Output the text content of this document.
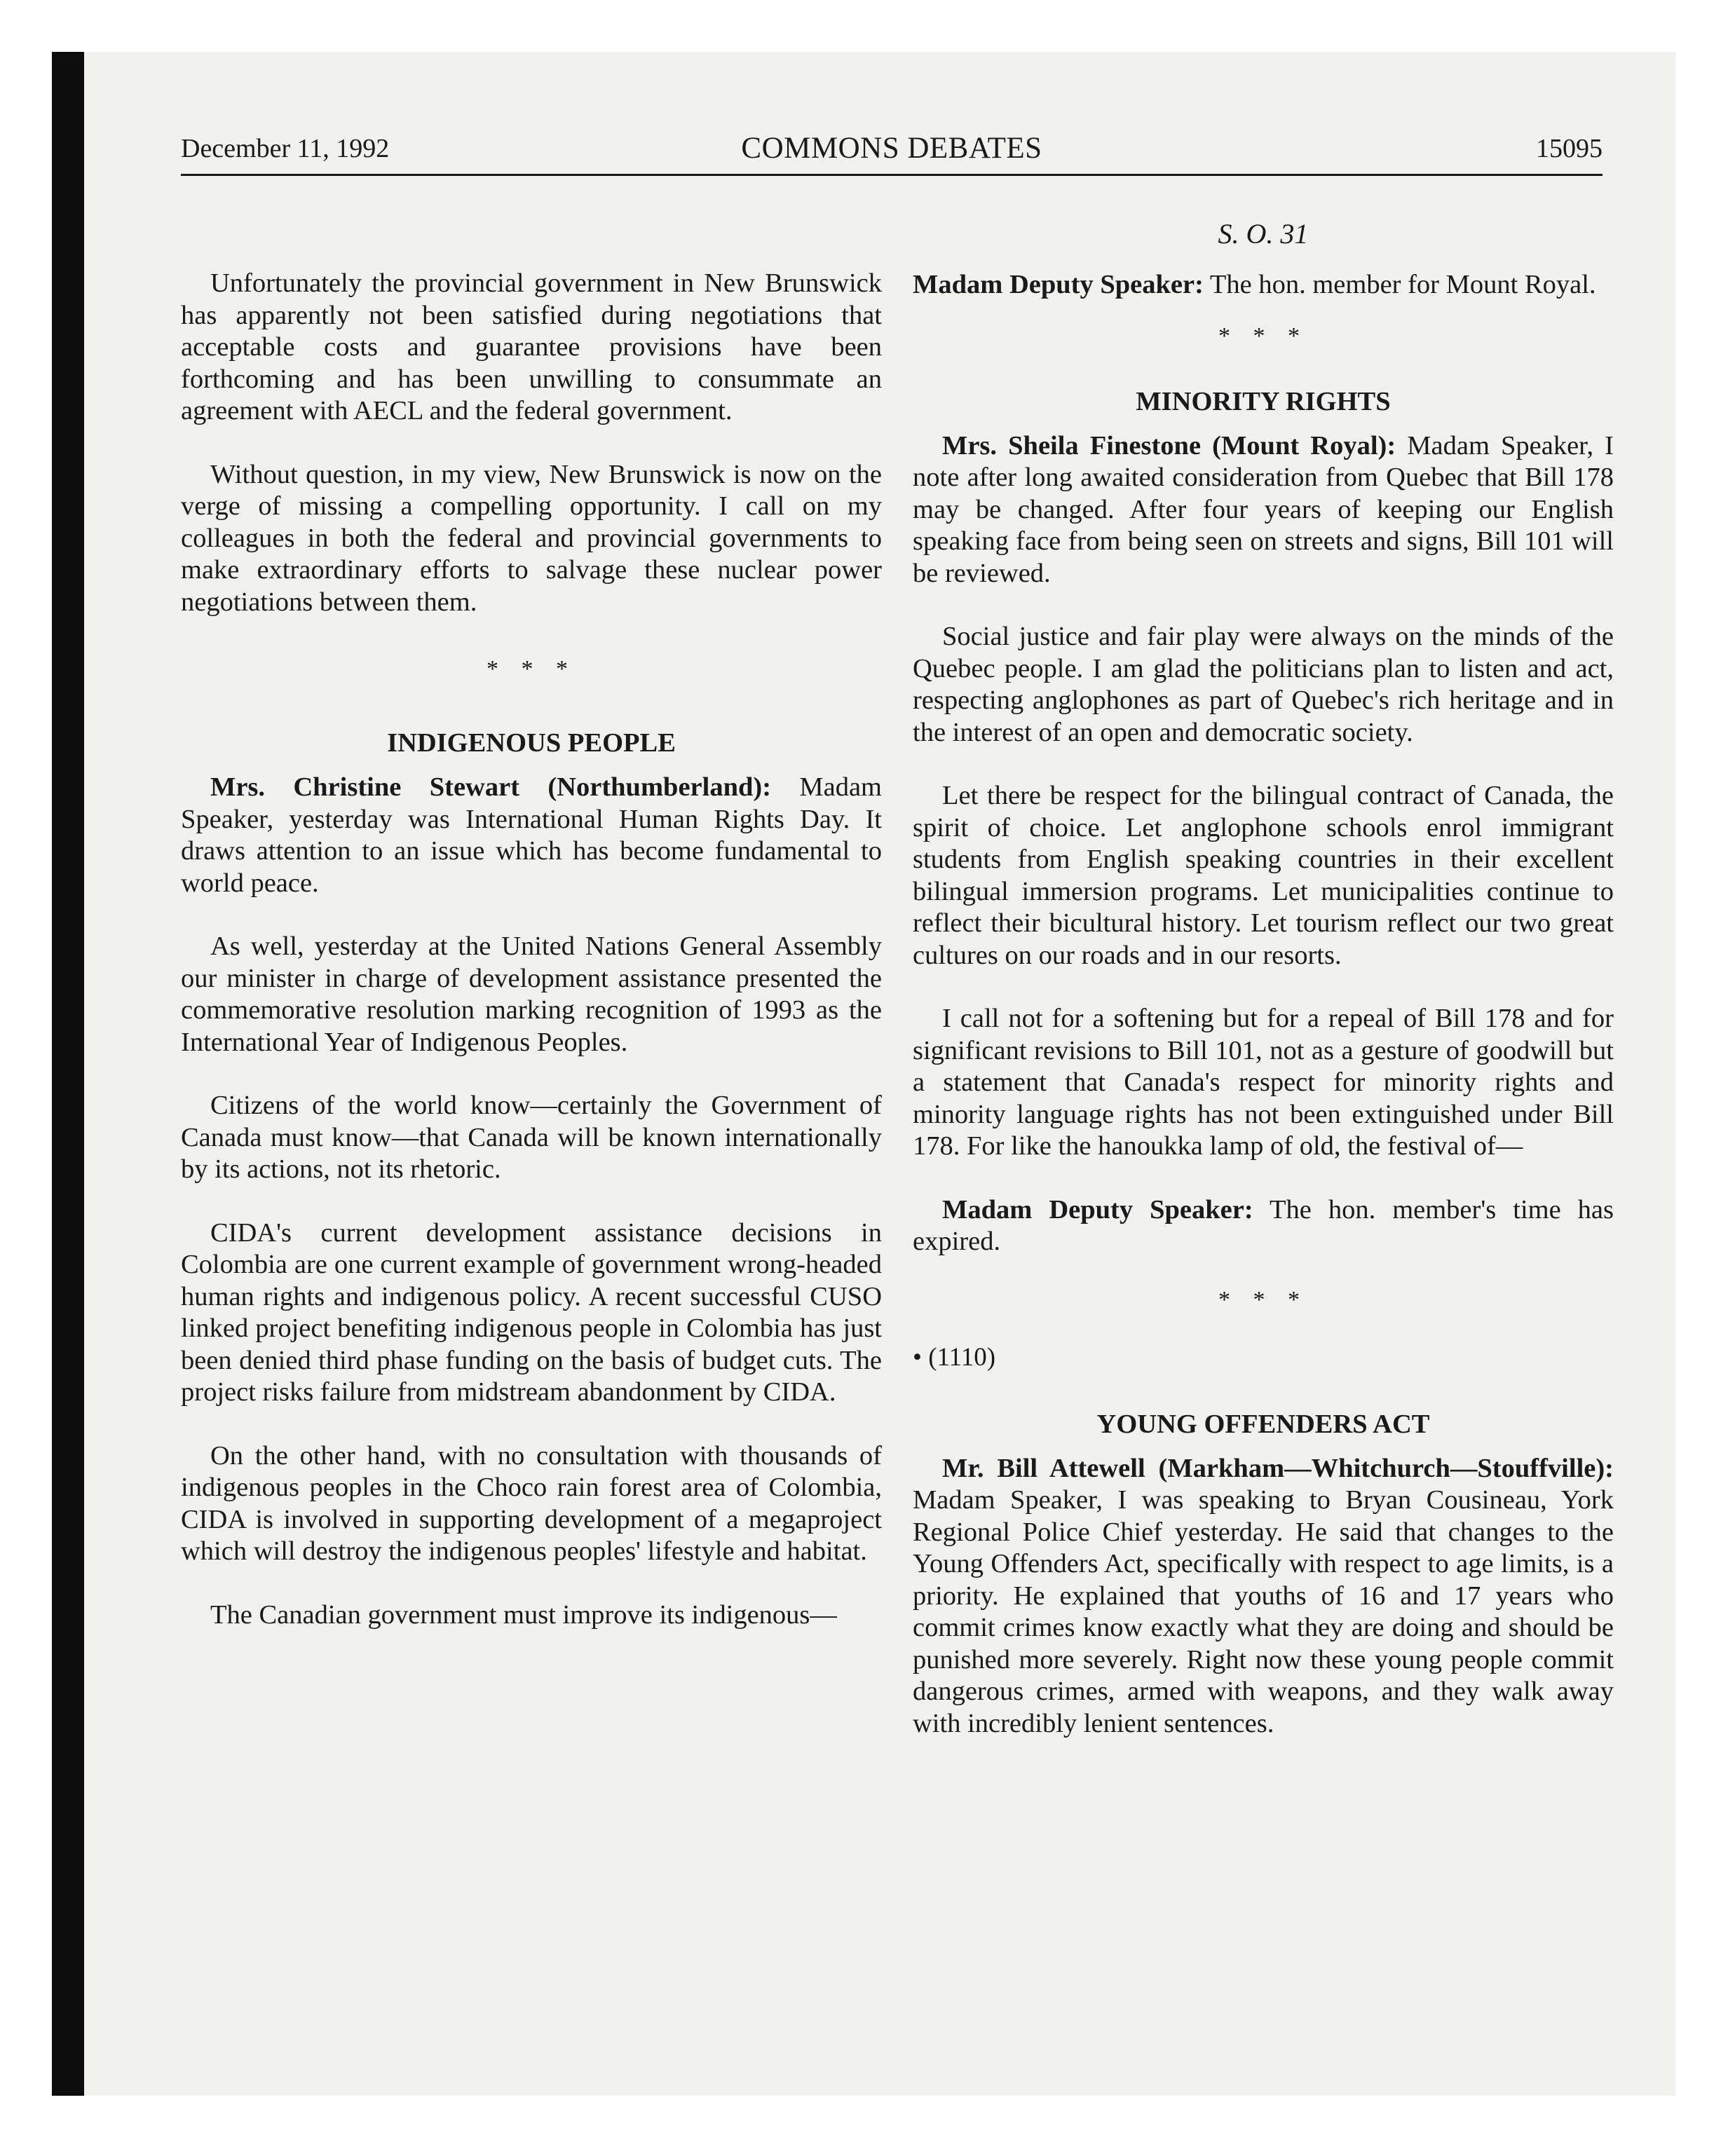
December 11, 1992	COMMONS DEBATES	15095

Unfortunately the provincial government in New Brunswick has apparently not been satisfied during negotiations that acceptable costs and guarantee provisions have been forthcoming and has been unwilling to consummate an agreement with AECL and the federal government.

Without question, in my view, New Brunswick is now on the verge of missing a compelling opportunity. I call on my colleagues in both the federal and provincial governments to make extraordinary efforts to salvage these nuclear power negotiations between them.

* * *
INDIGENOUS PEOPLE

Mrs. Christine Stewart (Northumberland): Madam Speaker, yesterday was International Human Rights Day. It draws attention to an issue which has become fundamental to world peace.

As well, yesterday at the United Nations General Assembly our minister in charge of development assistance presented the commemorative resolution marking recognition of 1993 as the International Year of Indigenous Peoples.

Citizens of the world know—certainly the Government of Canada must know—that Canada will be known internationally by its actions, not its rhetoric.

CIDA's current development assistance decisions in Colombia are one current example of government wrong-headed human rights and indigenous policy. A recent successful CUSO linked project benefiting indigenous people in Colombia has just been denied third phase funding on the basis of budget cuts. The project risks failure from midstream abandonment by CIDA.

On the other hand, with no consultation with thousands of indigenous peoples in the Choco rain forest area of Colombia, CIDA is involved in supporting development of a megaproject which will destroy the indigenous peoples' lifestyle and habitat.

The Canadian government must improve its indigenous—

S. O. 31

Madam Deputy Speaker: The hon. member for Mount Royal.

* * *
MINORITY RIGHTS

Mrs. Sheila Finestone (Mount Royal): Madam Speaker, I note after long awaited consideration from Quebec that Bill 178 may be changed. After four years of keeping our English speaking face from being seen on streets and signs, Bill 101 will be reviewed.

Social justice and fair play were always on the minds of the Quebec people. I am glad the politicians plan to listen and act, respecting anglophones as part of Quebec's rich heritage and in the interest of an open and democratic society.

Let there be respect for the bilingual contract of Canada, the spirit of choice. Let anglophone schools enrol immigrant students from English speaking countries in their excellent bilingual immersion programs. Let municipalities continue to reflect their bicultural history. Let tourism reflect our two great cultures on our roads and in our resorts.

I call not for a softening but for a repeal of Bill 178 and for significant revisions to Bill 101, not as a gesture of goodwill but a statement that Canada's respect for minority rights and minority language rights has not been extinguished under Bill 178. For like the hanoukka lamp of old, the festival of—

Madam Deputy Speaker: The hon. member's time has expired.

* * *
• (1110)
YOUNG OFFENDERS ACT

Mr. Bill Attewell (Markham—Whitchurch—Stouffville): Madam Speaker, I was speaking to Bryan Cousineau, York Regional Police Chief yesterday. He said that changes to the Young Offenders Act, specifically with respect to age limits, is a priority. He explained that youths of 16 and 17 years who commit crimes know exactly what they are doing and should be punished more severely. Right now these young people commit dangerous crimes, armed with weapons, and they walk away with incredibly lenient sentences.
